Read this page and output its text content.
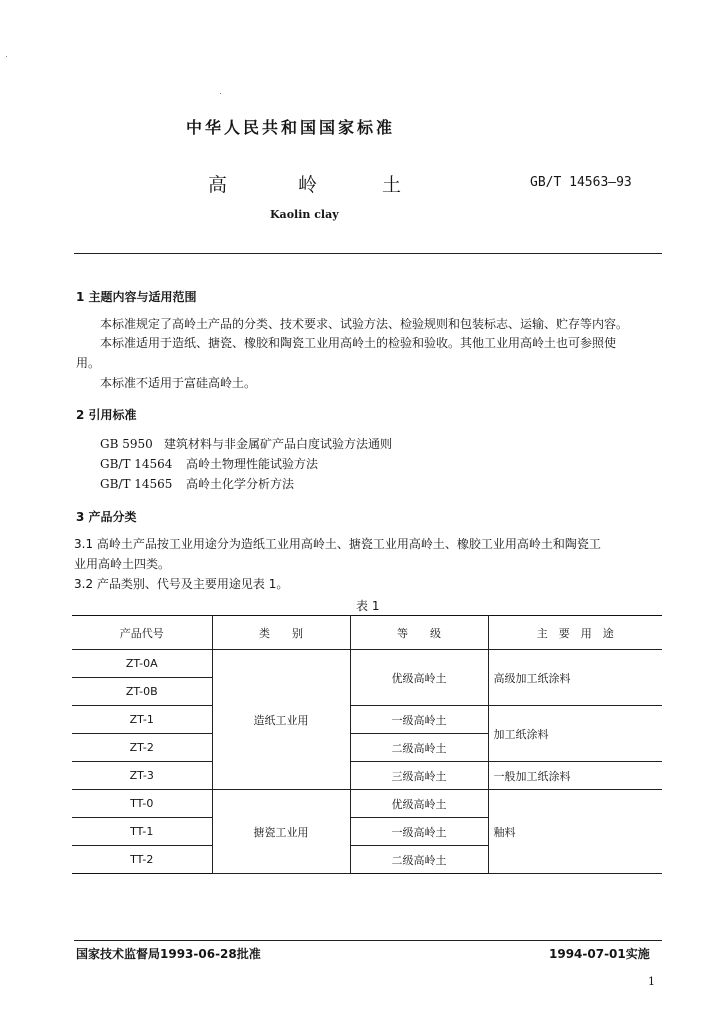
中华人民共和国国家标准
高	岭	土	GB/T 14563—93
Kaolin clay
1 主题内容与适用范围
本标准规定了高岭土产品的分类、技术要求、试验方法、检验规则和包装标志、运输、贮存等内容。
本标准适用于造纸、搪瓷、橡胶和陶瓷工业用高岭土的检验和验收。其他工业用高岭土也可参照使
用。
本标准不适用于富硅高岭土。
2 引用标准
GB 5950 建筑材料与非金属矿产品白度试验方法通则
GB/T 14564 高岭土物理性能试验方法
GB/T 14565 高岭土化学分析方法
3 产品分类
3.1 高岭土产品按工业用途分为造纸工业用高岭土、搪瓷工业用高岭土、橡胶工业用高岭土和陶瓷工
业用高岭土四类。
3.2 产品类别、代号及主要用途见表 1。
表 1
产品代号	类　　别	等　　级	主　要　用　途
ZT-0A	造纸工业用	优级高岭土	高级加工纸涂料
ZT-0B			
ZT-1		一级高岭土	加工纸涂料
ZT-2		二级高岭土	
ZT-3		三级高岭土	一般加工纸涂料
TT-0	搪瓷工业用	优级高岭土	釉料
TT-1		一级高岭土	
TT-2		二级高岭土	
国家技术监督局1993-06-28批准	1994-07-01实施
1
